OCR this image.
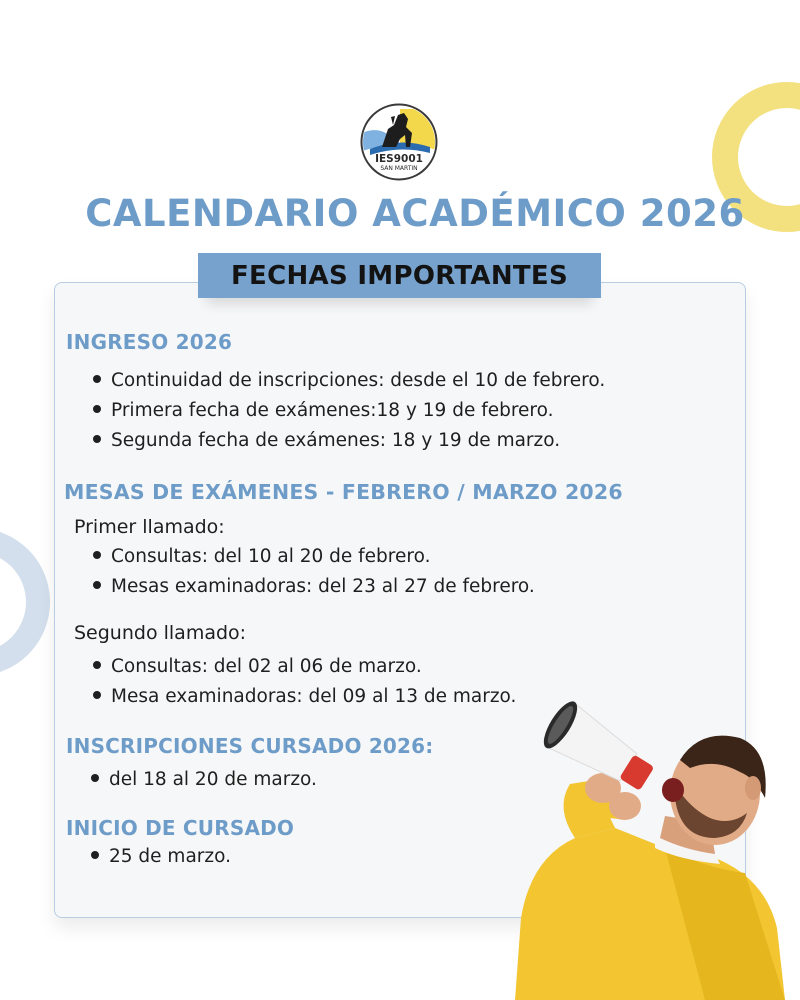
IES9001
SAN MARTIN
CALENDARIO ACADÉMICO 2026
FECHAS IMPORTANTES
INGRESO 2026
Continuidad de inscripciones: desde el 10 de febrero.
Primera fecha de exámenes:18 y 19 de febrero.
Segunda fecha de exámenes: 18 y 19 de marzo.
MESAS DE EXÁMENES - FEBRERO / MARZO 2026
Primer llamado:
Consultas: del 10 al 20 de febrero.
Mesas examinadoras: del 23 al 27 de febrero.
Segundo llamado:
Consultas: del 02 al 06 de marzo.
Mesa examinadoras: del 09 al 13 de marzo.
INSCRIPCIONES CURSADO 2026:
del 18 al 20 de marzo.
INICIO DE CURSADO
25 de marzo.
